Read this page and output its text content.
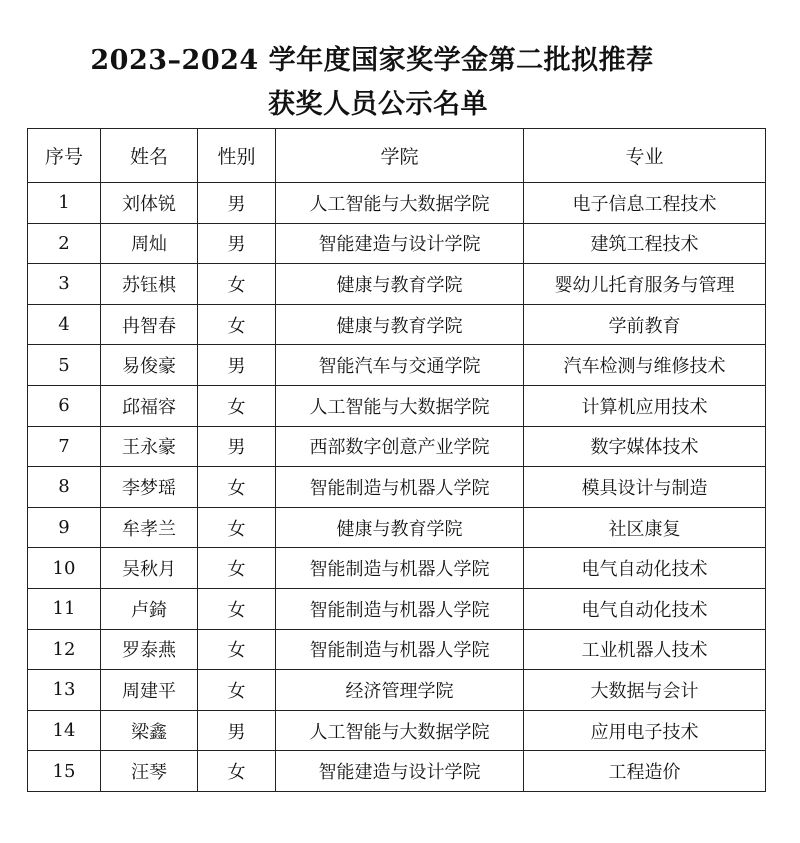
2023–2024 学年度国家奖学金第二批拟推荐
获奖人员公示名单
序号	姓名	性别	学院	专业
1	刘体锐	男	人工智能与大数据学院	电子信息工程技术
2	周灿	男	智能建造与设计学院	建筑工程技术
3	苏钰棋	女	健康与教育学院	婴幼儿托育服务与管理
4	冉智春	女	健康与教育学院	学前教育
5	易俊豪	男	智能汽车与交通学院	汽车检测与维修技术
6	邱福容	女	人工智能与大数据学院	计算机应用技术
7	王永豪	男	西部数字创意产业学院	数字媒体技术
8	李梦瑶	女	智能制造与机器人学院	模具设计与制造
9	牟孝兰	女	健康与教育学院	社区康复
10	吴秋月	女	智能制造与机器人学院	电气自动化技术
11	卢錡	女	智能制造与机器人学院	电气自动化技术
12	罗泰燕	女	智能制造与机器人学院	工业机器人技术
13	周建平	女	经济管理学院	大数据与会计
14	梁鑫	男	人工智能与大数据学院	应用电子技术
15	汪琴	女	智能建造与设计学院	工程造价
